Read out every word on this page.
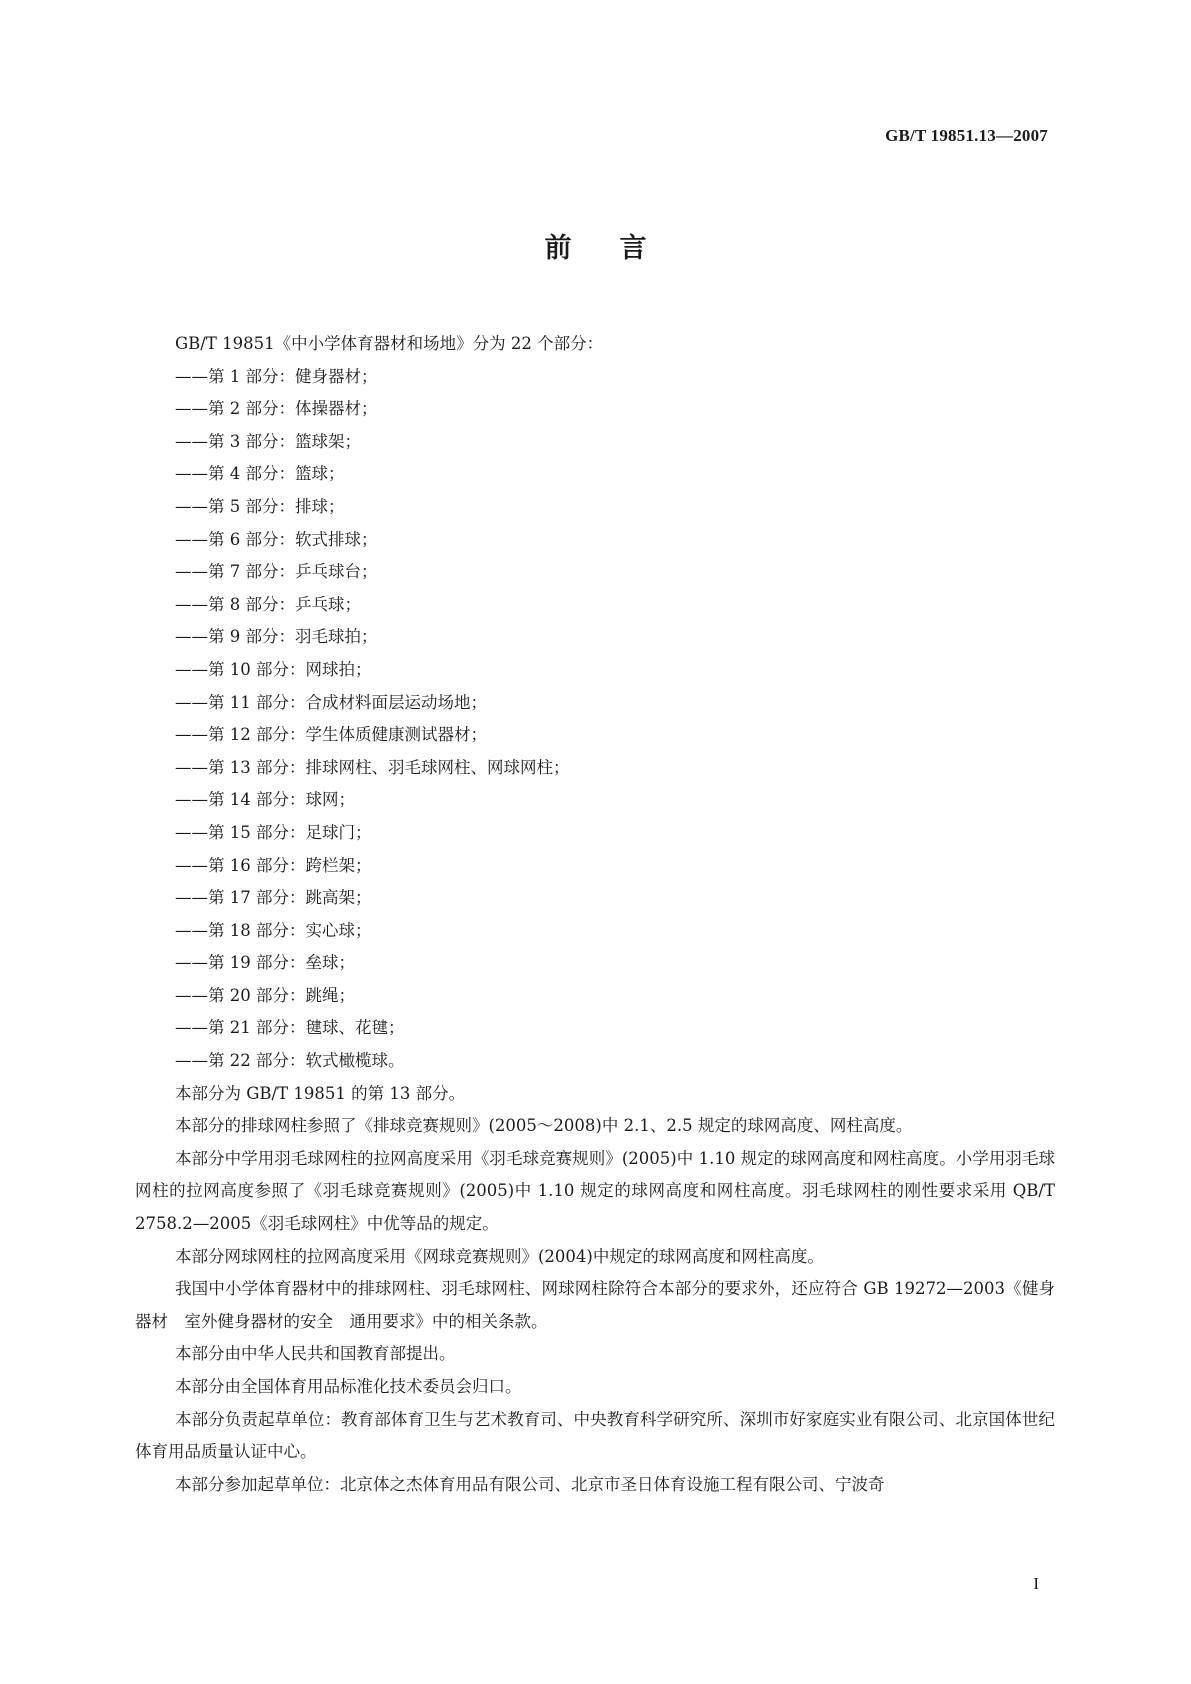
GB/T 19851.13—2007
前言
GB/T 19851《中小学体育器材和场地》分为 22 个部分：
——第 1 部分：健身器材；
——第 2 部分：体操器材；
——第 3 部分：篮球架；
——第 4 部分：篮球；
——第 5 部分：排球；
——第 6 部分：软式排球；
——第 7 部分：乒乓球台；
——第 8 部分：乒乓球；
——第 9 部分：羽毛球拍；
——第 10 部分：网球拍；
——第 11 部分：合成材料面层运动场地；
——第 12 部分：学生体质健康测试器材；
——第 13 部分：排球网柱、羽毛球网柱、网球网柱；
——第 14 部分：球网；
——第 15 部分：足球门；
——第 16 部分：跨栏架；
——第 17 部分：跳高架；
——第 18 部分：实心球；
——第 19 部分：垒球；
——第 20 部分：跳绳；
——第 21 部分：毽球、花毽；
——第 22 部分：软式橄榄球。
本部分为 GB/T 19851 的第 13 部分。
本部分的排球网柱参照了《排球竞赛规则》(2005～2008)中 2.1、2.5 规定的球网高度、网柱高度。
本部分中学用羽毛球网柱的拉网高度采用《羽毛球竞赛规则》(2005)中 1.10 规定的球网高度和网柱高度。小学用羽毛球网柱的拉网高度参照了《羽毛球竞赛规则》(2005)中 1.10 规定的球网高度和网柱高度。羽毛球网柱的刚性要求采用 QB/T 2758.2—2005《羽毛球网柱》中优等品的规定。
本部分网球网柱的拉网高度采用《网球竞赛规则》(2004)中规定的球网高度和网柱高度。
我国中小学体育器材中的排球网柱、羽毛球网柱、网球网柱除符合本部分的要求外，还应符合 GB 19272—2003《健身器材　室外健身器材的安全　通用要求》中的相关条款。
本部分由中华人民共和国教育部提出。
本部分由全国体育用品标准化技术委员会归口。
本部分负责起草单位：教育部体育卫生与艺术教育司、中央教育科学研究所、深圳市好家庭实业有限公司、北京国体世纪体育用品质量认证中心。
本部分参加起草单位：北京体之杰体育用品有限公司、北京市圣日体育设施工程有限公司、宁波奇
I
